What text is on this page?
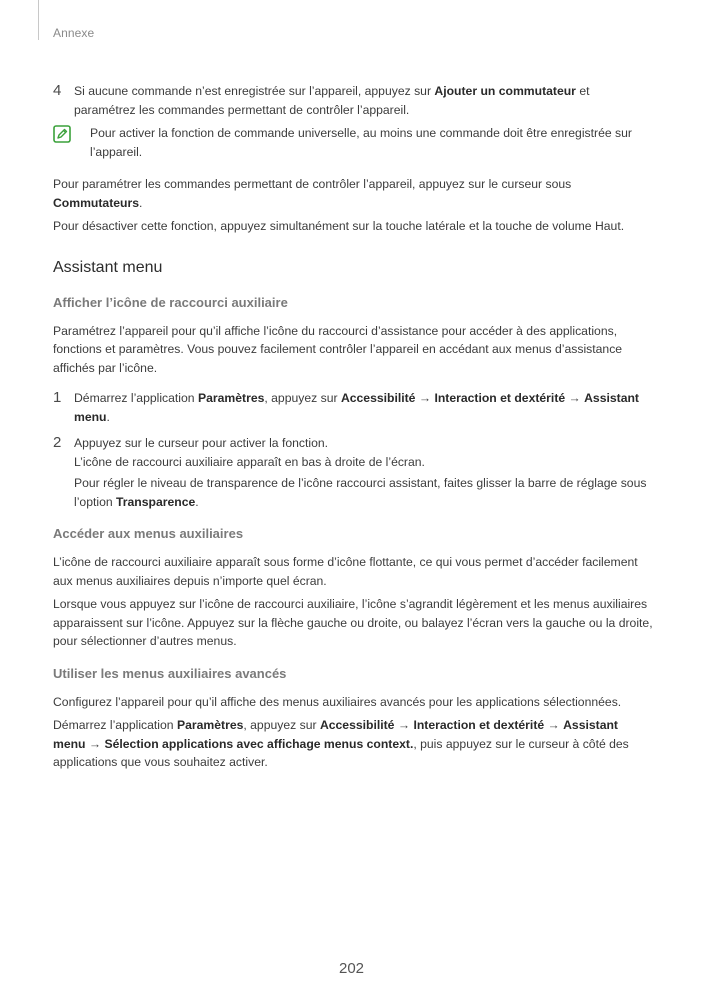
Annexe
4	Si aucune commande n’est enregistrée sur l’appareil, appuyez sur Ajouter un commutateur et paramétrez les commandes permettant de contrôler l’appareil.

Pour activer la fonction de commande universelle, au moins une commande doit être enregistrée sur l’appareil.

Pour paramétrer les commandes permettant de contrôler l’appareil, appuyez sur le curseur sous Commutateurs.

Pour désactiver cette fonction, appuyez simultanément sur la touche latérale et la touche de volume Haut.

Assistant menu
Afficher l’icône de raccourci auxiliaire

Paramétrez l’appareil pour qu’il affiche l’icône du raccourci d’assistance pour accéder à des applications, fonctions et paramètres. Vous pouvez facilement contrôler l’appareil en accédant aux menus d’assistance affichés par l’icône.

1	Démarrez l’application Paramètres, appuyez sur Accessibilité → Interaction et dextérité → Assistant menu.

2	Appuyez sur le curseur pour activer la fonction.

L’icône de raccourci auxiliaire apparaît en bas à droite de l’écran.

Pour régler le niveau de transparence de l’icône raccourci assistant, faites glisser la barre de réglage sous l’option Transparence.

Accéder aux menus auxiliaires

L’icône de raccourci auxiliaire apparaît sous forme d’icône flottante, ce qui vous permet d’accéder facilement aux menus auxiliaires depuis n’importe quel écran.

Lorsque vous appuyez sur l’icône de raccourci auxiliaire, l’icône s’agrandit légèrement et les menus auxiliaires apparaissent sur l’icône. Appuyez sur la flèche gauche ou droite, ou balayez l’écran vers la gauche ou la droite, pour sélectionner d’autres menus.

Utiliser les menus auxiliaires avancés

Configurez l’appareil pour qu’il affiche des menus auxiliaires avancés pour les applications sélectionnées.

Démarrez l’application Paramètres, appuyez sur Accessibilité → Interaction et dextérité → Assistant menu → Sélection applications avec affichage menus context., puis appuyez sur le curseur à côté des applications que vous souhaitez activer.

202
